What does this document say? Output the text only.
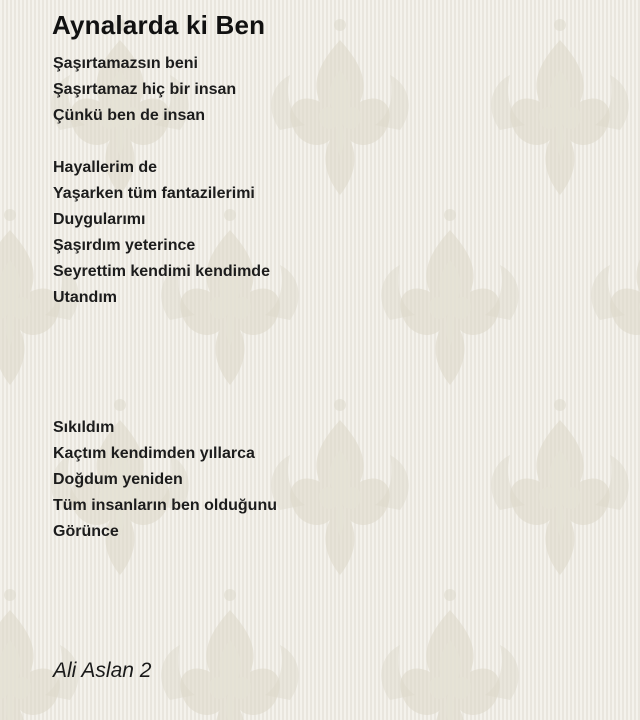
Aynalarda ki Ben
Şaşırtamazsın beni
Şaşırtamaz hiç bir insan
Çünkü ben de insan
Hayallerim de
Yaşarken tüm fantazilerimi
Duygularımı
Şaşırdım yeterince
Seyrettim kendimi kendimde
Utandım
Sıkıldım
Kaçtım kendimden yıllarca
Doğdum yeniden
Tüm insanların ben olduğunu
Görünce

Ali Aslan 2
